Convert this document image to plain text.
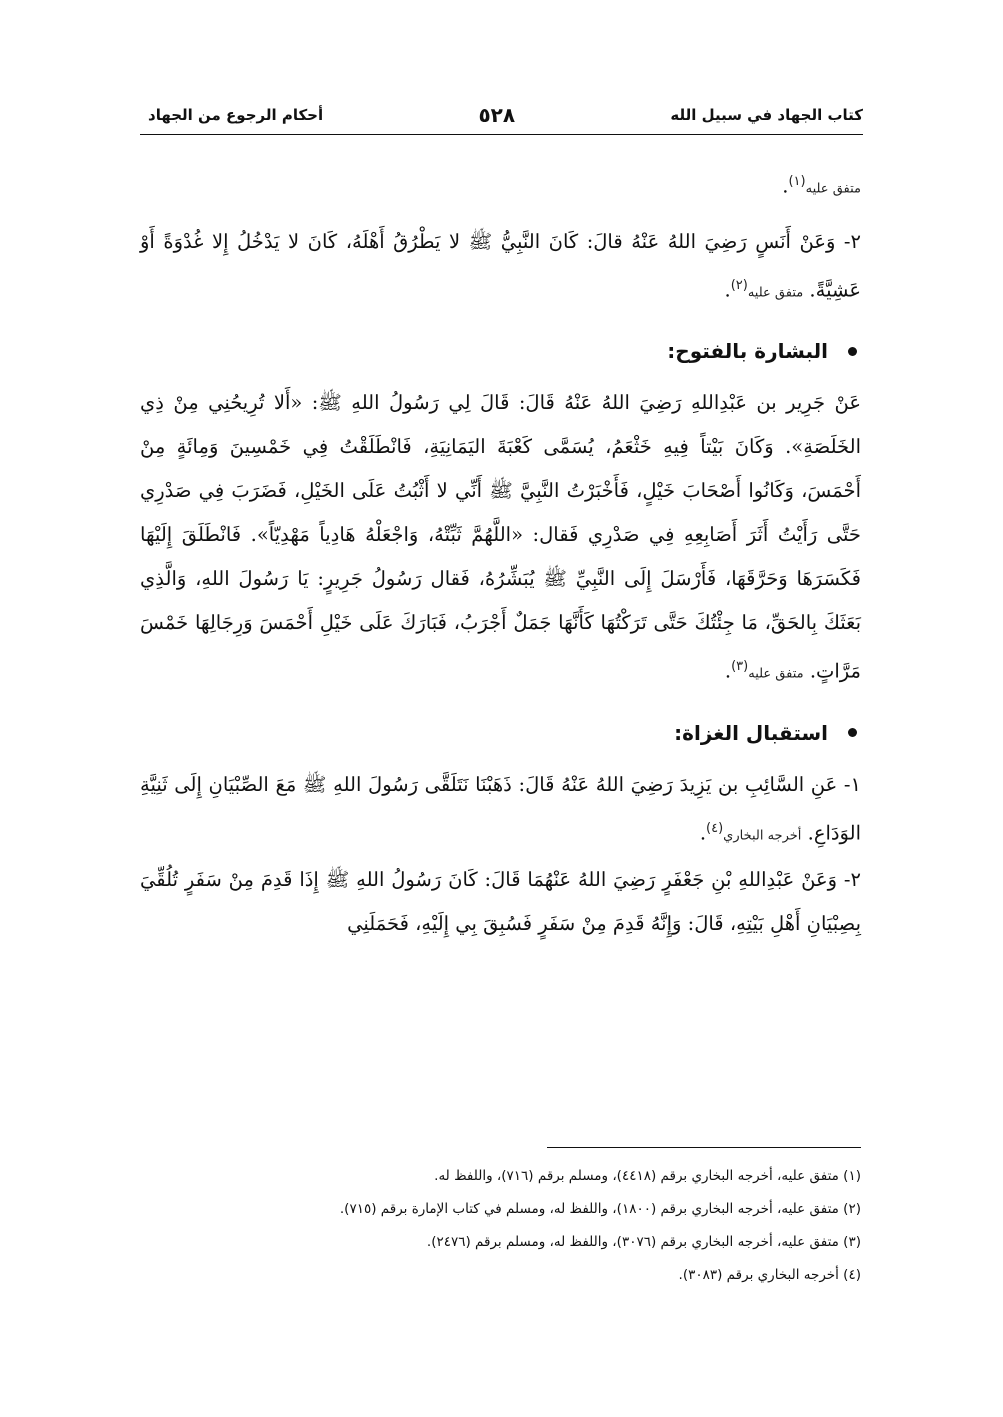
كتاب الجهاد في سبيل الله
٥٢٨
أحكام الرجوع من الجهاد

متفق عليه$^{(١)}$.

٢- وَعَنْ أَنَسٍ رَضِيَ اللهُ عَنْهُ قالَ: كَانَ النَّبِيُّ ﷺ لا يَطْرُقُ أَهْلَهُ، كَانَ لا يَدْخُلُ إِلا غُدْوَةً أَوْ عَشِيَّةً. متفق عليه$^{(٢)}$.

البشارة بالفتوح:

عَنْ جَرِير بن عَبْدِاللهِ رَضِيَ اللهُ عَنْهُ قَالَ: قَالَ لِي رَسُولُ اللهِ ﷺ: «أَلا تُرِيحُنِي مِنْ ذِي الخَلَصَةِ». وَكَانَ بَيْتاً فِيهِ خَثْعَمُ، يُسَمَّى كَعْبَةَ اليَمَانِيَةِ، فَانْطَلَقْتُ فِي خَمْسِينَ وَمِائَةٍ مِنْ أَحْمَسَ، وَكَانُوا أَصْحَابَ خَيْلٍ، فَأَخْبَرْتُ النَّبِيَّ ﷺ أَنِّي لا أَثْبُتُ عَلَى الخَيْلِ، فَضَرَبَ فِي صَدْرِي حَتَّى رَأَيْتُ أَثَرَ أَصَابِعِهِ فِي صَدْرِي فَقال: «اللَّهُمَّ ثَبِّتْهُ، وَاجْعَلْهُ هَادِياً مَهْدِيّاً». فَانْطَلَقَ إِلَيْهَا فَكَسَرَهَا وَحَرَّقَهَا، فَأَرْسَلَ إِلَى النَّبِيِّ ﷺ يُبَشِّرُهُ، فَقال رَسُولُ جَرِيرٍ: يَا رَسُولَ اللهِ، وَالَّذِي بَعَثَكَ بِالحَقِّ، مَا جِئْتُكَ حَتَّى تَرَكْتُهَا كَأَنَّهَا جَمَلٌ أَجْرَبُ، فَبَارَكَ عَلَى خَيْلِ أَحْمَسَ وَرِجَالِهَا خَمْسَ مَرَّاتٍ. متفق عليه$^{(٣)}$.

استقبال الغزاة:

١- عَنِ السَّائِبِ بن يَزِيدَ رَضِيَ اللهُ عَنْهُ قَالَ: ذَهَبْنَا نَتَلَقَّى رَسُولَ اللهِ ﷺ مَعَ الصِّبْيَانِ إِلَى ثَنِيَّةِ الوَدَاعِ. أخرجه البخاري$^{(٤)}$.

٢- وَعَنْ عَبْدِاللهِ بْنِ جَعْفَرٍ رَضِيَ اللهُ عَنْهُمَا قَالَ: كَانَ رَسُولُ اللهِ ﷺ إِذَا قَدِمَ مِنْ سَفَرٍ تُلُقِّيَ بِصِبْيَانِ أَهْلِ بَيْتِهِ، قَالَ: وَإِنَّهُ قَدِمَ مِنْ سَفَرٍ فَسُبِقَ بِي إِلَيْهِ، فَحَمَلَنِي

(١) متفق عليه، أخرجه البخاري برقم (٤٤١٨)، ومسلم برقم (٧١٦)، واللفظ له.

(٢) متفق عليه، أخرجه البخاري برقم (١٨٠٠)، واللفظ له، ومسلم في كتاب الإمارة برقم (٧١٥).

(٣) متفق عليه، أخرجه البخاري برقم (٣٠٧٦)، واللفظ له، ومسلم برقم (٢٤٧٦).

(٤) أخرجه البخاري برقم (٣٠٨٣).
